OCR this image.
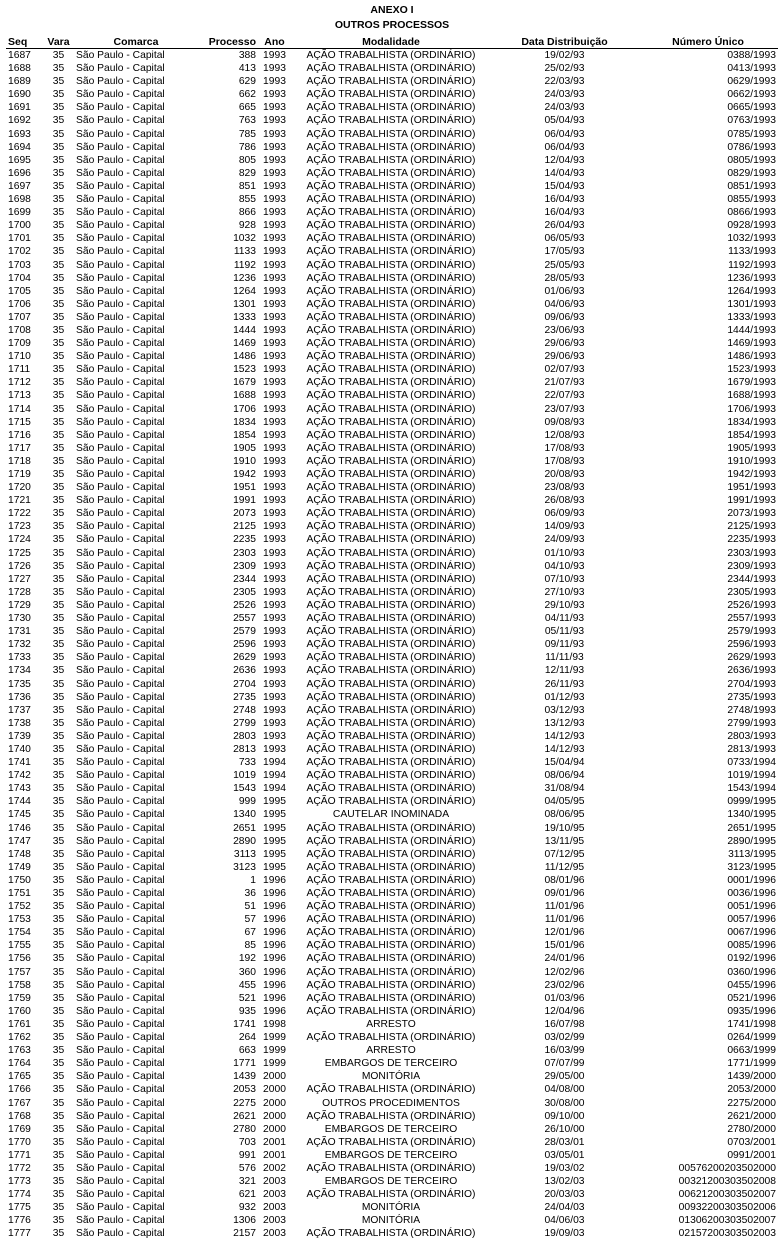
ANEXO I
OUTROS PROCESSOS
Seq	Vara	Comarca	Processo	Ano	Modalidade	Data Distribuição	Número Único
1687	35	São Paulo - Capital	388	1993	AÇÃO TRABALHISTA (ORDINÁRIO)	19/02/93	0388/1993
1688	35	São Paulo - Capital	413	1993	AÇÃO TRABALHISTA (ORDINÁRIO)	25/02/93	0413/1993
1689	35	São Paulo - Capital	629	1993	AÇÃO TRABALHISTA (ORDINÁRIO)	22/03/93	0629/1993
1690	35	São Paulo - Capital	662	1993	AÇÃO TRABALHISTA (ORDINÁRIO)	24/03/93	0662/1993
1691	35	São Paulo - Capital	665	1993	AÇÃO TRABALHISTA (ORDINÁRIO)	24/03/93	0665/1993
1692	35	São Paulo - Capital	763	1993	AÇÃO TRABALHISTA (ORDINÁRIO)	05/04/93	0763/1993
1693	35	São Paulo - Capital	785	1993	AÇÃO TRABALHISTA (ORDINÁRIO)	06/04/93	0785/1993
1694	35	São Paulo - Capital	786	1993	AÇÃO TRABALHISTA (ORDINÁRIO)	06/04/93	0786/1993
1695	35	São Paulo - Capital	805	1993	AÇÃO TRABALHISTA (ORDINÁRIO)	12/04/93	0805/1993
1696	35	São Paulo - Capital	829	1993	AÇÃO TRABALHISTA (ORDINÁRIO)	14/04/93	0829/1993
1697	35	São Paulo - Capital	851	1993	AÇÃO TRABALHISTA (ORDINÁRIO)	15/04/93	0851/1993
1698	35	São Paulo - Capital	855	1993	AÇÃO TRABALHISTA (ORDINÁRIO)	16/04/93	0855/1993
1699	35	São Paulo - Capital	866	1993	AÇÃO TRABALHISTA (ORDINÁRIO)	16/04/93	0866/1993
1700	35	São Paulo - Capital	928	1993	AÇÃO TRABALHISTA (ORDINÁRIO)	26/04/93	0928/1993
1701	35	São Paulo - Capital	1032	1993	AÇÃO TRABALHISTA (ORDINÁRIO)	06/05/93	1032/1993
1702	35	São Paulo - Capital	1133	1993	AÇÃO TRABALHISTA (ORDINÁRIO)	17/05/93	1133/1993
1703	35	São Paulo - Capital	1192	1993	AÇÃO TRABALHISTA (ORDINÁRIO)	25/05/93	1192/1993
1704	35	São Paulo - Capital	1236	1993	AÇÃO TRABALHISTA (ORDINÁRIO)	28/05/93	1236/1993
1705	35	São Paulo - Capital	1264	1993	AÇÃO TRABALHISTA (ORDINÁRIO)	01/06/93	1264/1993
1706	35	São Paulo - Capital	1301	1993	AÇÃO TRABALHISTA (ORDINÁRIO)	04/06/93	1301/1993
1707	35	São Paulo - Capital	1333	1993	AÇÃO TRABALHISTA (ORDINÁRIO)	09/06/93	1333/1993
1708	35	São Paulo - Capital	1444	1993	AÇÃO TRABALHISTA (ORDINÁRIO)	23/06/93	1444/1993
1709	35	São Paulo - Capital	1469	1993	AÇÃO TRABALHISTA (ORDINÁRIO)	29/06/93	1469/1993
1710	35	São Paulo - Capital	1486	1993	AÇÃO TRABALHISTA (ORDINÁRIO)	29/06/93	1486/1993
1711	35	São Paulo - Capital	1523	1993	AÇÃO TRABALHISTA (ORDINÁRIO)	02/07/93	1523/1993
1712	35	São Paulo - Capital	1679	1993	AÇÃO TRABALHISTA (ORDINÁRIO)	21/07/93	1679/1993
1713	35	São Paulo - Capital	1688	1993	AÇÃO TRABALHISTA (ORDINÁRIO)	22/07/93	1688/1993
1714	35	São Paulo - Capital	1706	1993	AÇÃO TRABALHISTA (ORDINÁRIO)	23/07/93	1706/1993
1715	35	São Paulo - Capital	1834	1993	AÇÃO TRABALHISTA (ORDINÁRIO)	09/08/93	1834/1993
1716	35	São Paulo - Capital	1854	1993	AÇÃO TRABALHISTA (ORDINÁRIO)	12/08/93	1854/1993
1717	35	São Paulo - Capital	1905	1993	AÇÃO TRABALHISTA (ORDINÁRIO)	17/08/93	1905/1993
1718	35	São Paulo - Capital	1910	1993	AÇÃO TRABALHISTA (ORDINÁRIO)	17/08/93	1910/1993
1719	35	São Paulo - Capital	1942	1993	AÇÃO TRABALHISTA (ORDINÁRIO)	20/08/93	1942/1993
1720	35	São Paulo - Capital	1951	1993	AÇÃO TRABALHISTA (ORDINÁRIO)	23/08/93	1951/1993
1721	35	São Paulo - Capital	1991	1993	AÇÃO TRABALHISTA (ORDINÁRIO)	26/08/93	1991/1993
1722	35	São Paulo - Capital	2073	1993	AÇÃO TRABALHISTA (ORDINÁRIO)	06/09/93	2073/1993
1723	35	São Paulo - Capital	2125	1993	AÇÃO TRABALHISTA (ORDINÁRIO)	14/09/93	2125/1993
1724	35	São Paulo - Capital	2235	1993	AÇÃO TRABALHISTA (ORDINÁRIO)	24/09/93	2235/1993
1725	35	São Paulo - Capital	2303	1993	AÇÃO TRABALHISTA (ORDINÁRIO)	01/10/93	2303/1993
1726	35	São Paulo - Capital	2309	1993	AÇÃO TRABALHISTA (ORDINÁRIO)	04/10/93	2309/1993
1727	35	São Paulo - Capital	2344	1993	AÇÃO TRABALHISTA (ORDINÁRIO)	07/10/93	2344/1993
1728	35	São Paulo - Capital	2305	1993	AÇÃO TRABALHISTA (ORDINÁRIO)	27/10/93	2305/1993
1729	35	São Paulo - Capital	2526	1993	AÇÃO TRABALHISTA (ORDINÁRIO)	29/10/93	2526/1993
1730	35	São Paulo - Capital	2557	1993	AÇÃO TRABALHISTA (ORDINÁRIO)	04/11/93	2557/1993
1731	35	São Paulo - Capital	2579	1993	AÇÃO TRABALHISTA (ORDINÁRIO)	05/11/93	2579/1993
1732	35	São Paulo - Capital	2596	1993	AÇÃO TRABALHISTA (ORDINÁRIO)	09/11/93	2596/1993
1733	35	São Paulo - Capital	2629	1993	AÇÃO TRABALHISTA (ORDINÁRIO)	11/11/93	2629/1993
1734	35	São Paulo - Capital	2636	1993	AÇÃO TRABALHISTA (ORDINÁRIO)	12/11/93	2636/1993
1735	35	São Paulo - Capital	2704	1993	AÇÃO TRABALHISTA (ORDINÁRIO)	26/11/93	2704/1993
1736	35	São Paulo - Capital	2735	1993	AÇÃO TRABALHISTA (ORDINÁRIO)	01/12/93	2735/1993
1737	35	São Paulo - Capital	2748	1993	AÇÃO TRABALHISTA (ORDINÁRIO)	03/12/93	2748/1993
1738	35	São Paulo - Capital	2799	1993	AÇÃO TRABALHISTA (ORDINÁRIO)	13/12/93	2799/1993
1739	35	São Paulo - Capital	2803	1993	AÇÃO TRABALHISTA (ORDINÁRIO)	14/12/93	2803/1993
1740	35	São Paulo - Capital	2813	1993	AÇÃO TRABALHISTA (ORDINÁRIO)	14/12/93	2813/1993
1741	35	São Paulo - Capital	733	1994	AÇÃO TRABALHISTA (ORDINÁRIO)	15/04/94	0733/1994
1742	35	São Paulo - Capital	1019	1994	AÇÃO TRABALHISTA (ORDINÁRIO)	08/06/94	1019/1994
1743	35	São Paulo - Capital	1543	1994	AÇÃO TRABALHISTA (ORDINÁRIO)	31/08/94	1543/1994
1744	35	São Paulo - Capital	999	1995	AÇÃO TRABALHISTA (ORDINÁRIO)	04/05/95	0999/1995
1745	35	São Paulo - Capital	1340	1995	CAUTELAR INOMINADA	08/06/95	1340/1995
1746	35	São Paulo - Capital	2651	1995	AÇÃO TRABALHISTA (ORDINÁRIO)	19/10/95	2651/1995
1747	35	São Paulo - Capital	2890	1995	AÇÃO TRABALHISTA (ORDINÁRIO)	13/11/95	2890/1995
1748	35	São Paulo - Capital	3113	1995	AÇÃO TRABALHISTA (ORDINÁRIO)	07/12/95	3113/1995
1749	35	São Paulo - Capital	3123	1995	AÇÃO TRABALHISTA (ORDINÁRIO)	11/12/95	3123/1995
1750	35	São Paulo - Capital	1	1996	AÇÃO TRABALHISTA (ORDINÁRIO)	08/01/96	0001/1996
1751	35	São Paulo - Capital	36	1996	AÇÃO TRABALHISTA (ORDINÁRIO)	09/01/96	0036/1996
1752	35	São Paulo - Capital	51	1996	AÇÃO TRABALHISTA (ORDINÁRIO)	11/01/96	0051/1996
1753	35	São Paulo - Capital	57	1996	AÇÃO TRABALHISTA (ORDINÁRIO)	11/01/96	0057/1996
1754	35	São Paulo - Capital	67	1996	AÇÃO TRABALHISTA (ORDINÁRIO)	12/01/96	0067/1996
1755	35	São Paulo - Capital	85	1996	AÇÃO TRABALHISTA (ORDINÁRIO)	15/01/96	0085/1996
1756	35	São Paulo - Capital	192	1996	AÇÃO TRABALHISTA (ORDINÁRIO)	24/01/96	0192/1996
1757	35	São Paulo - Capital	360	1996	AÇÃO TRABALHISTA (ORDINÁRIO)	12/02/96	0360/1996
1758	35	São Paulo - Capital	455	1996	AÇÃO TRABALHISTA (ORDINÁRIO)	23/02/96	0455/1996
1759	35	São Paulo - Capital	521	1996	AÇÃO TRABALHISTA (ORDINÁRIO)	01/03/96	0521/1996
1760	35	São Paulo - Capital	935	1996	AÇÃO TRABALHISTA (ORDINÁRIO)	12/04/96	0935/1996
1761	35	São Paulo - Capital	1741	1998	ARRESTO	16/07/98	1741/1998
1762	35	São Paulo - Capital	264	1999	AÇÃO TRABALHISTA (ORDINÁRIO)	03/02/99	0264/1999
1763	35	São Paulo - Capital	663	1999	ARRESTO	16/03/99	0663/1999
1764	35	São Paulo - Capital	1771	1999	EMBARGOS DE TERCEIRO	07/07/99	1771/1999
1765	35	São Paulo - Capital	1439	2000	MONITÓRIA	29/05/00	1439/2000
1766	35	São Paulo - Capital	2053	2000	AÇÃO TRABALHISTA (ORDINÁRIO)	04/08/00	2053/2000
1767	35	São Paulo - Capital	2275	2000	OUTROS PROCEDIMENTOS	30/08/00	2275/2000
1768	35	São Paulo - Capital	2621	2000	AÇÃO TRABALHISTA (ORDINÁRIO)	09/10/00	2621/2000
1769	35	São Paulo - Capital	2780	2000	EMBARGOS DE TERCEIRO	26/10/00	2780/2000
1770	35	São Paulo - Capital	703	2001	AÇÃO TRABALHISTA (ORDINÁRIO)	28/03/01	0703/2001
1771	35	São Paulo - Capital	991	2001	EMBARGOS DE TERCEIRO	03/05/01	0991/2001
1772	35	São Paulo - Capital	576	2002	AÇÃO TRABALHISTA (ORDINÁRIO)	19/03/02	00576200203502000
1773	35	São Paulo - Capital	321	2003	EMBARGOS DE TERCEIRO	13/02/03	00321200303502008
1774	35	São Paulo - Capital	621	2003	AÇÃO TRABALHISTA (ORDINÁRIO)	20/03/03	00621200303502007
1775	35	São Paulo - Capital	932	2003	MONITÓRIA	24/04/03	00932200303502006
1776	35	São Paulo - Capital	1306	2003	MONITÓRIA	04/06/03	01306200303502007
1777	35	São Paulo - Capital	2157	2003	AÇÃO TRABALHISTA (ORDINÁRIO)	19/09/03	02157200303502003
